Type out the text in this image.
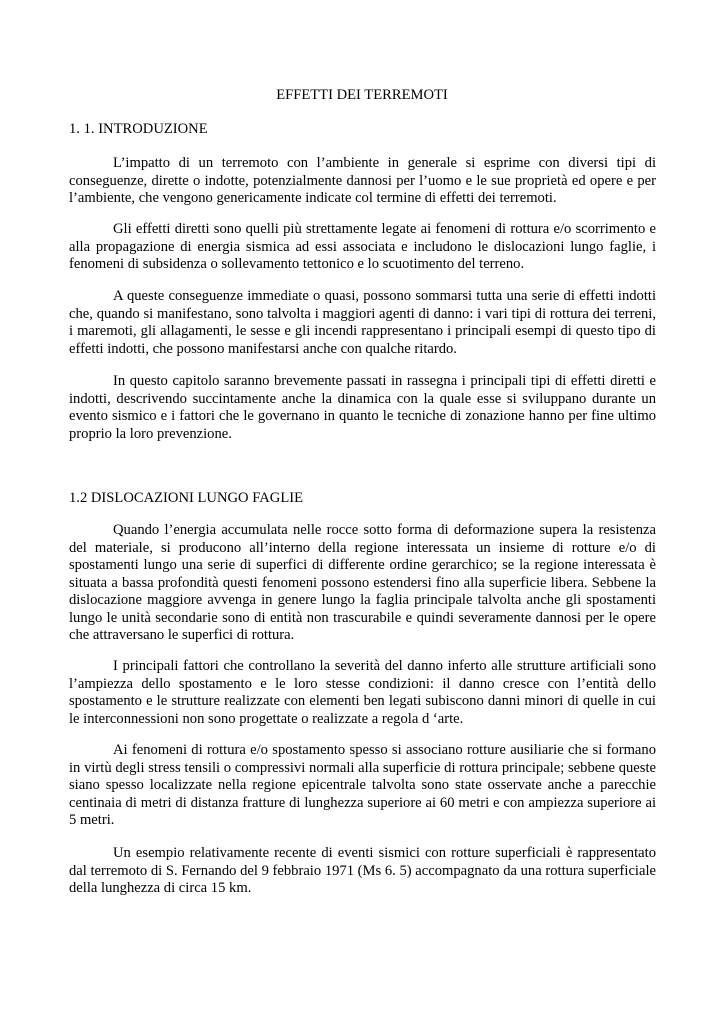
EFFETTI DEI TERREMOTI
1. 1. INTRODUZIONE

L’impatto di un terremoto con l’ambiente in generale si esprime con diversi tipi di conseguenze, dirette o indotte, potenzialmente dannosi per l’uomo e le sue proprietà ed opere e per l’ambiente, che vengono genericamente indicate col termine di effetti dei terremoti.

Gli effetti diretti sono quelli più strettamente legate ai fenomeni di rottura e/o scorrimento e alla propagazione di energia sismica ad essi associata e includono le dislocazioni lungo faglie, i fenomeni di subsidenza o sollevamento tettonico e lo scuotimento del terreno.

A queste conseguenze immediate o quasi, possono sommarsi tutta una serie di effetti indotti che, quando si manifestano, sono talvolta i maggiori agenti di danno: i vari tipi di rottura dei terreni, i maremoti, gli allagamenti, le sesse e gli incendi rappresentano i principali esempi di questo tipo di effetti indotti, che possono manifestarsi anche con qualche ritardo.

In questo capitolo saranno brevemente passati in rassegna i principali tipi di effetti diretti e indotti, descrivendo succintamente anche la dinamica con la quale esse si sviluppano durante un evento sismico e i fattori che le governano in quanto le tecniche di zonazione hanno per fine ultimo proprio la loro prevenzione.

1.2 DISLOCAZIONI LUNGO FAGLIE

Quando l’energia accumulata nelle rocce sotto forma di deformazione supera la resistenza del materiale, si producono all’interno della regione interessata un insieme di rotture e/o di spostamenti lungo una serie di superfici di differente ordine gerarchico; se la regione interessata è situata a bassa profondità questi fenomeni possono estendersi fino alla superficie libera. Sebbene la dislocazione maggiore avvenga in genere lungo la faglia principale talvolta anche gli spostamenti lungo le unità secondarie sono di entità non trascurabile e quindi severamente dannosi per le opere che attraversano le superfici di rottura.

I principali fattori che controllano la severità del danno inferto alle strutture artificiali sono l’ampiezza dello spostamento e le loro stesse condizioni: il danno cresce con l’entità dello spostamento e le strutture realizzate con elementi ben legati subiscono danni minori di quelle in cui le interconnessioni non sono progettate o realizzate a regola d ‘arte.

Ai fenomeni di rottura e/o spostamento spesso si associano rotture ausiliarie che si formano in virtù degli stress tensili o compressivi normali alla superficie di rottura principale; sebbene queste siano spesso localizzate nella regione epicentrale talvolta sono state osservate anche a parecchie centinaia di metri di distanza fratture di lunghezza superiore ai 60 metri e con ampiezza superiore ai 5 metri.

Un esempio relativamente recente di eventi sismici con rotture superficiali è rappresentato dal terremoto di S. Fernando del 9 febbraio 1971 (Ms 6. 5) accompagnato da una rottura superficiale della lunghezza di circa 15 km.
